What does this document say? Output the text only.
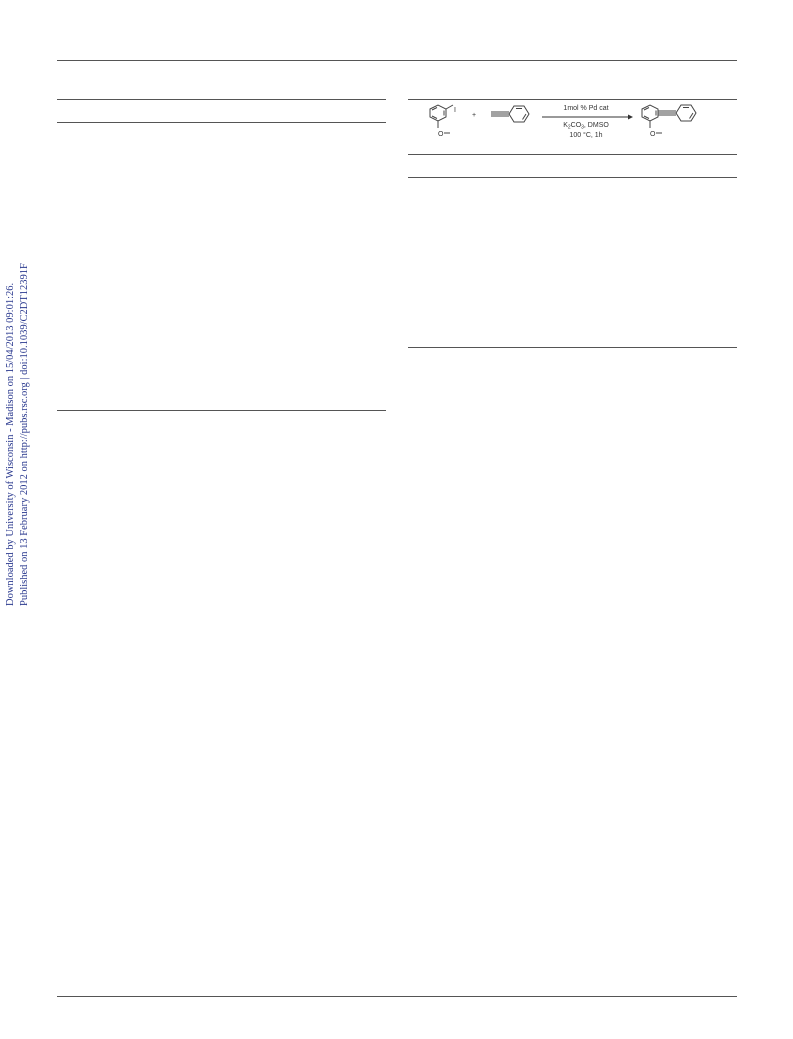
Downloaded by University of Wisconsin - Madison on 15/04/2013 09:01:26. Published on 13 February 2012 on http://pubs.rsc.org | doi:10.1039/C2DT12391F
I
O
+
1mol % Pd cat
$K_2CO_3$, DMSO
100 °C, 1h	O
